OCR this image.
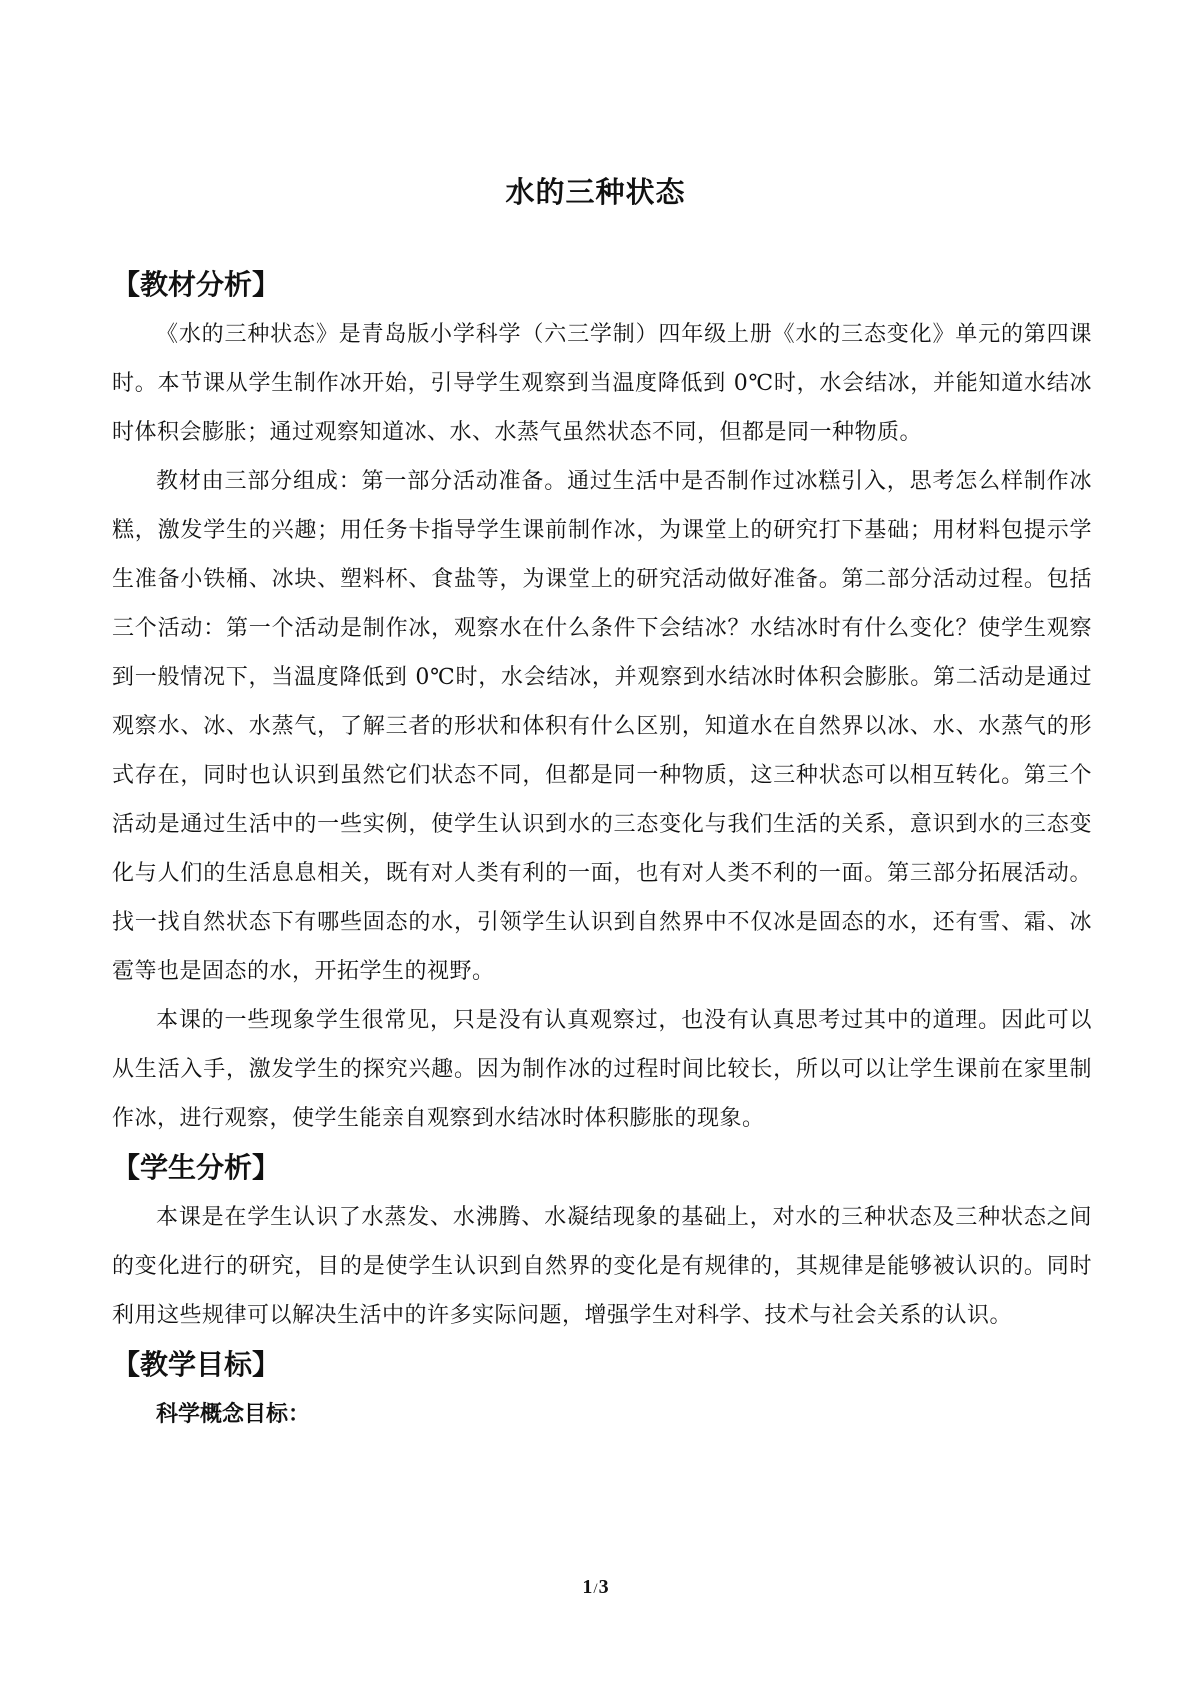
水的三种状态
【教材分析】

《水的三种状态》是青岛版小学科学（六三学制）四年级上册《水的三态变化》单元的第四课时。本节课从学生制作冰开始，引导学生观察到当温度降低到 0℃时，水会结冰，并能知道水结冰时体积会膨胀；通过观察知道冰、水、水蒸气虽然状态不同，但都是同一种物质。

教材由三部分组成：第一部分活动准备。通过生活中是否制作过冰糕引入，思考怎么样制作冰糕，激发学生的兴趣；用任务卡指导学生课前制作冰，为课堂上的研究打下基础；用材料包提示学生准备小铁桶、冰块、塑料杯、食盐等，为课堂上的研究活动做好准备。第二部分活动过程。包括三个活动：第一个活动是制作冰，观察水在什么条件下会结冰？水结冰时有什么变化？使学生观察到一般情况下，当温度降低到 0℃时，水会结冰，并观察到水结冰时体积会膨胀。第二活动是通过观察水、冰、水蒸气，了解三者的形状和体积有什么区别，知道水在自然界以冰、水、水蒸气的形式存在，同时也认识到虽然它们状态不同，但都是同一种物质，这三种状态可以相互转化。第三个活动是通过生活中的一些实例，使学生认识到水的三态变化与我们生活的关系，意识到水的三态变化与人们的生活息息相关，既有对人类有利的一面，也有对人类不利的一面。第三部分拓展活动。找一找自然状态下有哪些固态的水，引领学生认识到自然界中不仅冰是固态的水，还有雪、霜、冰雹等也是固态的水，开拓学生的视野。

本课的一些现象学生很常见，只是没有认真观察过，也没有认真思考过其中的道理。因此可以从生活入手，激发学生的探究兴趣。因为制作冰的过程时间比较长，所以可以让学生课前在家里制作冰，进行观察，使学生能亲自观察到水结冰时体积膨胀的现象。

【学生分析】

本课是在学生认识了水蒸发、水沸腾、水凝结现象的基础上，对水的三种状态及三种状态之间的变化进行的研究，目的是使学生认识到自然界的变化是有规律的，其规律是能够被认识的。同时利用这些规律可以解决生活中的许多实际问题，增强学生对科学、技术与社会关系的认识。

【教学目标】
科学概念目标：
1/3
